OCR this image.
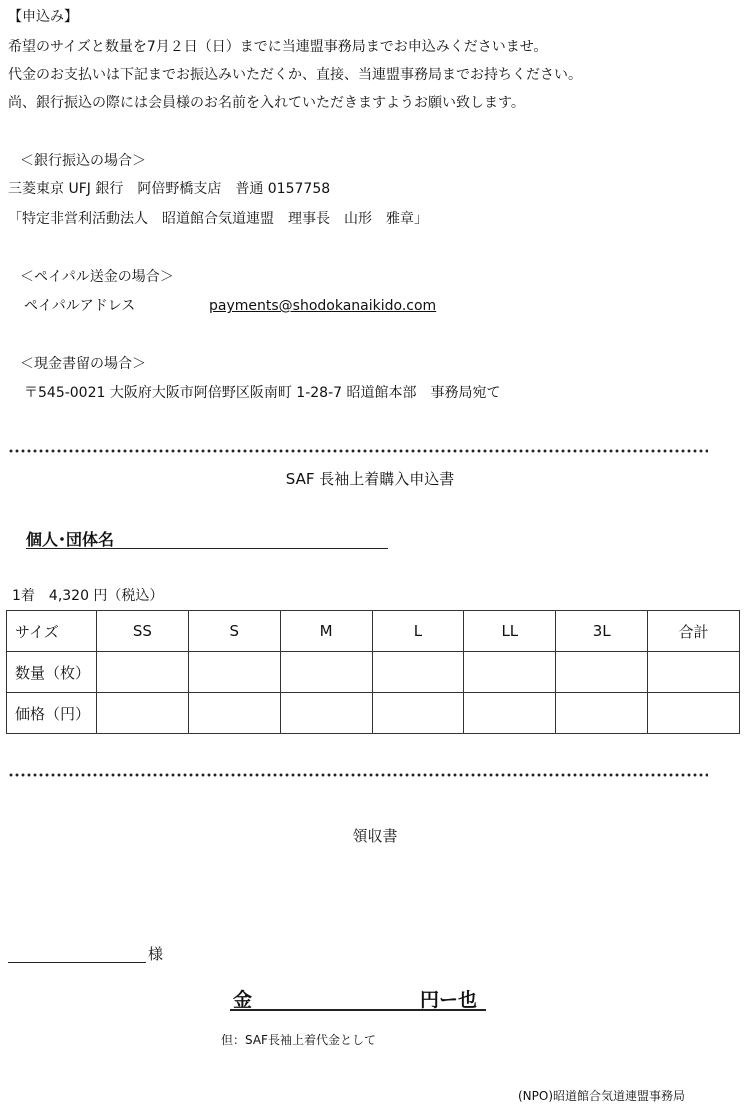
【申込み】
希望のサイズと数量を7月２日（日）までに当連盟事務局までお申込みくださいませ。
代金のお支払いは下記までお振込みいただくか、直接、当連盟事務局までお持ちください。
尚、銀行振込の際には会員様のお名前を入れていただきますようお願い致します。
＜銀行振込の場合＞
三菱東京 UFJ 銀行　阿倍野橋支店　普通 0157758
「特定非営利活動法人　昭道館合気道連盟　理事長　山形　雅章」
＜ペイパル送金の場合＞
ペイパルアドレス	payments@shodokanaikido.com
＜現金書留の場合＞
〒545-0021 大阪府大阪市阿倍野区阪南町 1-28-7 昭道館本部　事務局宛て
SAF 長袖上着購入申込書
個人･団体名
1着　4,320 円（税込）
サイズ	SS	S	M	L	LL	3L	合計
数量（枚）							
価格（円）							
領収書
様
金	円ー也
但：SAF長袖上着代金として
(NPO)昭道館合気道連盟事務局
